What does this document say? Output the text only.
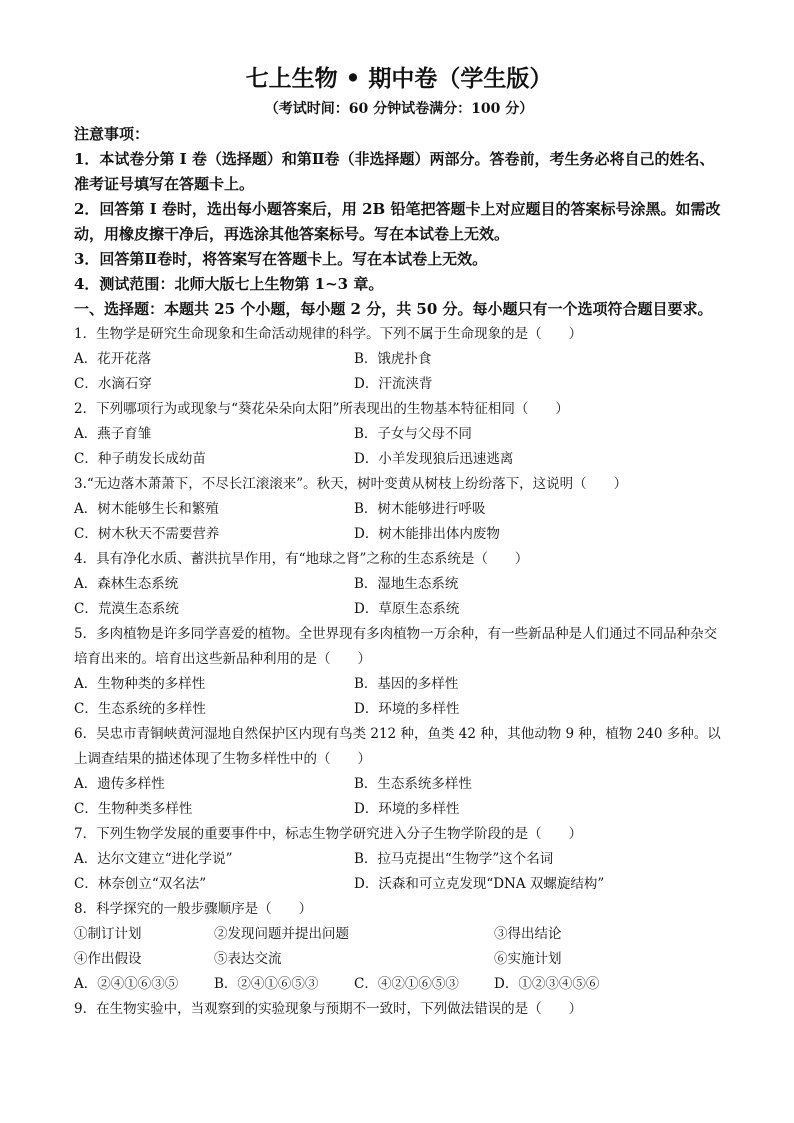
七上生物 • 期中卷（学生版）
（考试时间：60 分钟试卷满分：100 分）
注意事项：
1．本试卷分第 I 卷（选择题）和第Ⅱ卷（非选择题）两部分。答卷前，考生务必将自己的姓名、准考证号填写在答题卡上。
2．回答第 I 卷时，选出每小题答案后，用 2B 铅笔把答题卡上对应题目的答案标号涂黑。如需改动，用橡皮擦干净后，再选涂其他答案标号。写在本试卷上无效。
3．回答第Ⅱ卷时，将答案写在答题卡上。写在本试卷上无效。
4．测试范围：北师大版七上生物第 1~3 章。
一、选择题：本题共 25 个小题，每小题 2 分，共 50 分。每小题只有一个选项符合题目要求。
1．生物学是研究生命现象和生命活动规律的科学。下列不属于生命现象的是（　　）
A．花开花落	B．饿虎扑食
C．水滴石穿	D．汗流浃背
2．下列哪项行为或现象与“葵花朵朵向太阳”所表现出的生物基本特征相同（　　）
A．燕子育雏	B．子女与父母不同
C．种子萌发长成幼苗	D．小羊发现狼后迅速逃离
3.“无边落木萧萧下，不尽长江滚滚来”。秋天，树叶变黄从树枝上纷纷落下，这说明（　　）
A．树木能够生长和繁殖	B．树木能够进行呼吸
C．树木秋天不需要营养	D．树木能排出体内废物
4．具有净化水质、蓄洪抗旱作用，有“地球之肾”之称的生态系统是（　　）
A．森林生态系统	B．湿地生态系统
C．荒漠生态系统	D．草原生态系统
5．多肉植物是许多同学喜爱的植物。全世界现有多肉植物一万余种，有一些新品种是人们通过不同品种杂交培育出来的。培育出这些新品种利用的是（　　）
A．生物种类的多样性	B．基因的多样性
C．生态系统的多样性	D．环境的多样性
6．吴忠市青铜峡黄河湿地自然保护区内现有鸟类 212 种，鱼类 42 种，其他动物 9 种，植物 240 多种。以上调查结果的描述体现了生物多样性中的（　　）
A．遗传多样性	B．生态系统多样性
C．生物种类多样性	D．环境的多样性
7．下列生物学发展的重要事件中，标志生物学研究进入分子生物学阶段的是（　　）
A．达尔文建立“进化学说”	B．拉马克提出“生物学”这个名词
C．林奈创立“双名法”	D．沃森和可立克发现“DNA 双螺旋结构”
8．科学探究的一般步骤顺序是（　　）
①制订计划	②发现问题并提出问题	③得出结论
④作出假设	⑤表达交流	⑥实施计划
A．②④①⑥③⑤	B．②④①⑥⑤③	C．④②①⑥⑤③	D．①②③④⑤⑥
9．在生物实验中，当观察到的实验现象与预期不一致时，下列做法错误的是（　　）
